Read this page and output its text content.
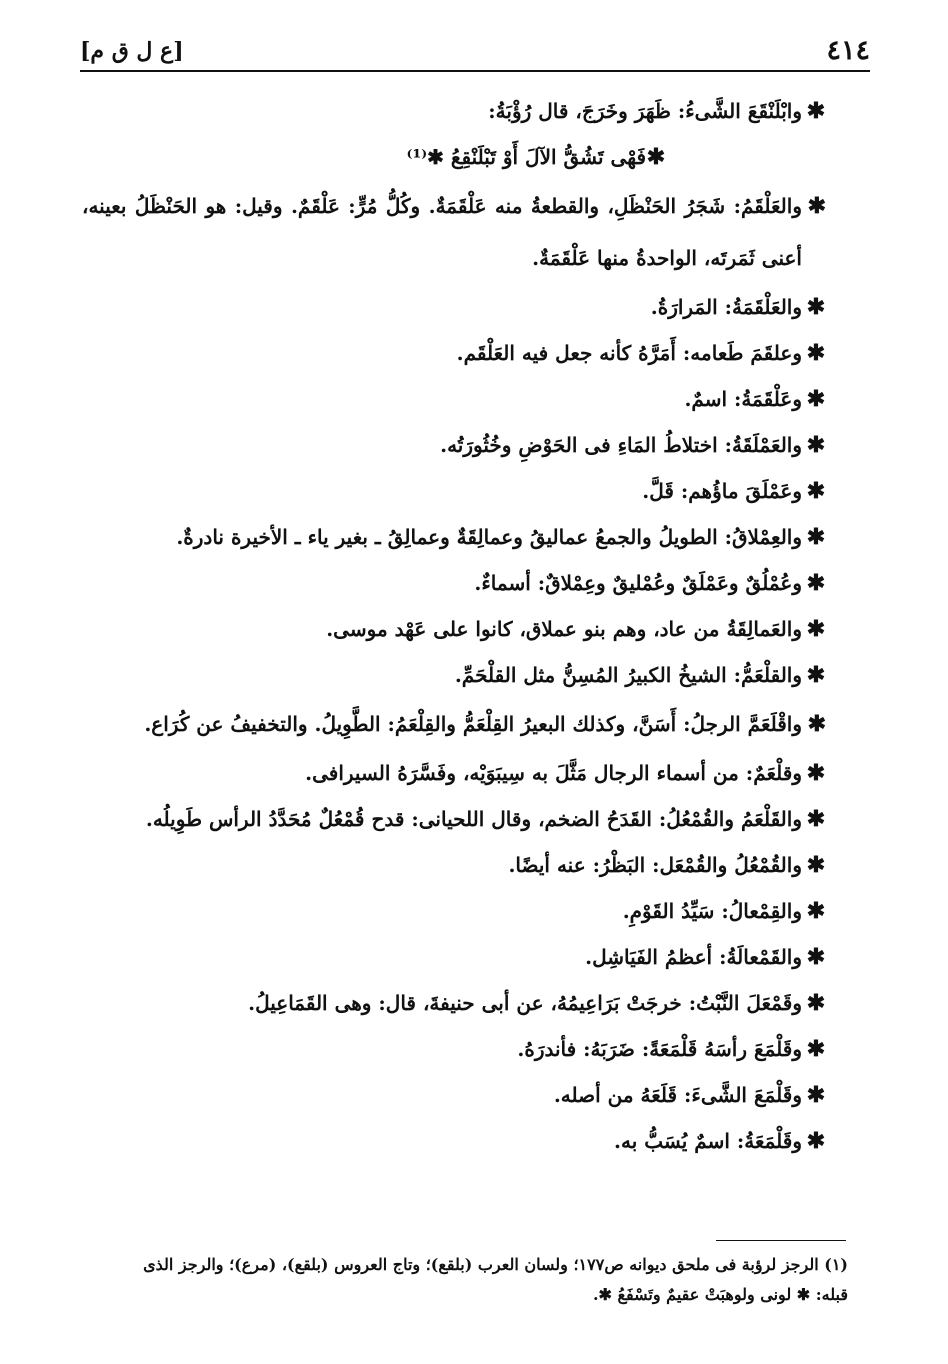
٤١٤
[ع ل ق م]
✱
وابْلَنْقَعَ الشَّىءُ: ظَهَرَ وخَرَجَ، قال رُؤْبَةُ:
✱
فَهْى تَشُقُّ الآلَ أَوْ تَبْلَنْقِعُ ✱⁽¹⁾
✱
والعَلْقَمُ: شَجَرُ الحَنْظَلِ، والقطعةُ منه عَلْقَمَةٌ. وكُلُّ مُرٍّ: عَلْقَمٌ. وقيل: هو الحَنْظَلُ بعينه، أعنى ثَمَرتَه، الواحدةُ منها عَلْقَمَةٌ.
✱
والعَلْقَمَةُ: المَرارَةُ.
✱
وعلقَمَ طَعامه: أَمَرَّهُ كأنه جعل فيه العَلْقَم.
✱
وعَلْقَمَةُ: اسمٌ.
✱
والعَمْلَقَةُ: اختلاطُ المَاءِ فى الحَوْضِ وخُثُورَتُه.
✱
وعَمْلَقَ ماؤُهم: قَلَّ.
✱
والعِمْلاقُ: الطويلُ والجمعُ عماليقُ وعمالِقَةٌ وعمالِقُ ـ بغير ياء ـ الأخيرة نادرةٌ.
✱
وعُمْلُقٌ وعَمْلَقٌ وعُمْليقٌ وعِمْلاقٌ: أسماءٌ.
✱
والعَمالِقَةُ من عاد، وهم بنو عملاق، كانوا على عَهْد موسى.
✱
والقلْعَمُّ: الشيخُ الكبيرُ المُسِنُّ مثل القلْحَمِّ.
✱
واقْلَعَمَّ الرجلُ: أَسَنَّ، وكذلك البعيرُ القِلْعَمُّ والقِلْعَمُ: الطَّوِيلُ. والتخفيفُ عن كُرَاع.
✱
وقلْعَمٌ: من أسماء الرجال مَثَّلَ به سِيبَوَيْه، وفَسَّرَهُ السيرافى.
✱
والقَلْعَمُ والقُمْعُلُ: القَدَحُ الضخم، وقال اللحيانى: قدح قُمْعُلٌ مُحَدَّدُ الرأس طَوِيلُه.
✱
والقُمْعُلُ والقُمْعَل: البَظْرُ: عنه أيضًا.
✱
والقِمْعالُ: سَيِّدُ القَوْمِ.
✱
والقَمْعالَةُ: أعظمُ الفَيَاشِل.
✱
وقَمْعَلَ النَّبْتُ: خرجَتْ بَرَاعِيمُهُ، عن أبى حنيفةَ، قال: وهى القَمَاعِيلُ.
✱
وقَلْمَعَ رأسَهُ قَلْمَعَةً: ضَرَبَهُ: فأندرَهُ.
✱
وقَلْمَعَ الشَّىءَ: قَلَعَهُ من أصله.
✱
وقَلْمَعَةُ: اسمٌ يُسَبُّ به.
(١) الرجز لرؤبة فى ملحق ديوانه ص١٧٧؛ ولسان العرب (بلقع)؛ وتاج العروس (بلقع)، (مرع)؛ والرجز الذى
قبله: ✱ لونى ولوهبَتْ عقيمٌ وتَسْفَعُ ✱.
